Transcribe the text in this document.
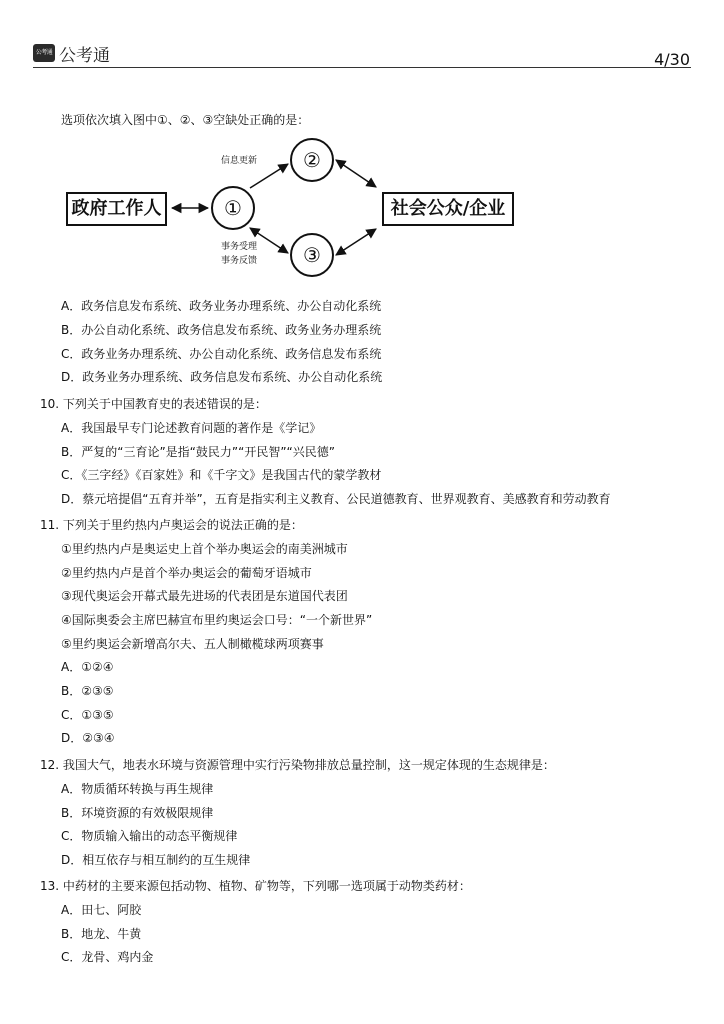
公考通 公考通	4/30
选项依次填入图中①、②、③空缺处正确的是：
政府工作人	社会公众/企业
①
②
③
信息更新
事务受理
事务反馈
A．政务信息发布系统、政务业务办理系统、办公自动化系统
B．办公自动化系统、政务信息发布系统、政务业务办理系统
C．政务业务办理系统、办公自动化系统、政务信息发布系统
D．政务业务办理系统、政务信息发布系统、办公自动化系统
10. 下列关于中国教育史的表述错误的是：
A．我国最早专门论述教育问题的著作是《学记》
B．严复的“三育论”是指“鼓民力”“开民智”“兴民德”
C．《三字经》《百家姓》和《千字文》是我国古代的蒙学教材
D．蔡元培提倡“五育并举”，五育是指实利主义教育、公民道德教育、世界观教育、美感教育和劳动教育
11. 下列关于里约热内卢奥运会的说法正确的是：
①里约热内卢是奥运史上首个举办奥运会的南美洲城市
②里约热内卢是首个举办奥运会的葡萄牙语城市
③现代奥运会开幕式最先进场的代表团是东道国代表团
④国际奥委会主席巴赫宣布里约奥运会口号：“一个新世界”
⑤里约奥运会新增高尔夫、五人制橄榄球两项赛事
A．①②④
B．②③⑤
C．①③⑤
D．②③④
12. 我国大气，地表水环境与资源管理中实行污染物排放总量控制，这一规定体现的生态规律是：
A．物质循环转换与再生规律
B．环境资源的有效极限规律
C．物质输入输出的动态平衡规律
D．相互依存与相互制约的互生规律
13. 中药材的主要来源包括动物、植物、矿物等，下列哪一选项属于动物类药材：
A．田七、阿胶
B．地龙、牛黄
C．龙骨、鸡内金
